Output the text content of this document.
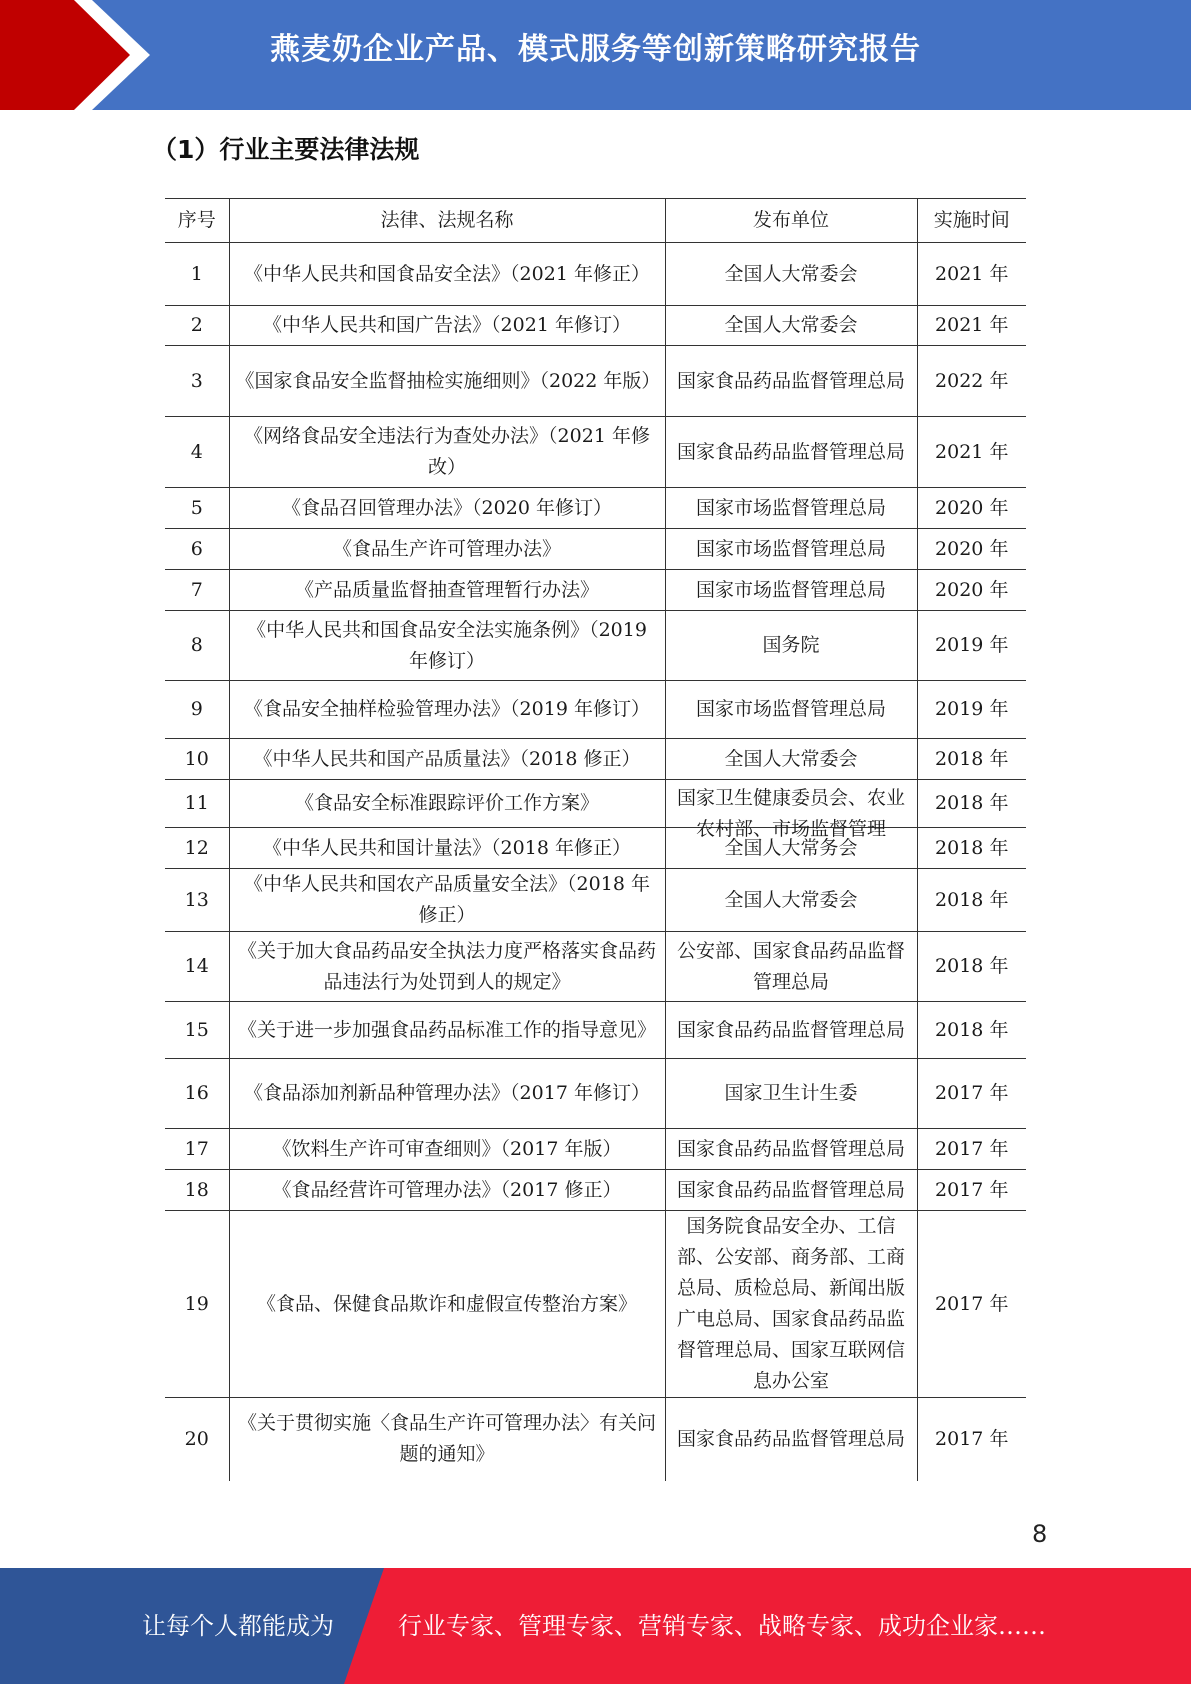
燕麦奶企业产品、模式服务等创新策略研究报告
（1）行业主要法律法规
序号	法律、法规名称	发布单位	实施时间
1	《中华人民共和国食品安全法》（2021 年修正）	全国人大常委会	2021 年
2	《中华人民共和国广告法》（2021 年修订）	全国人大常委会	2021 年
3	《国家食品安全监督抽检实施细则》（2022 年版）	国家食品药品监督管理总局	2022 年
4	《网络食品安全违法行为查处办法》（2021 年修改）	国家食品药品监督管理总局	2021 年
5	《食品召回管理办法》（2020 年修订）	国家市场监督管理总局	2020 年
6	《食品生产许可管理办法》	国家市场监督管理总局	2020 年
7	《产品质量监督抽查管理暂行办法》	国家市场监督管理总局	2020 年
8	《中华人民共和国食品安全法实施条例》（2019 年修订）	国务院	2019 年
9	《食品安全抽样检验管理办法》（2019 年修订）	国家市场监督管理总局	2019 年
10	《中华人民共和国产品质量法》（2018 修正）	全国人大常委会	2018 年
11	《食品安全标准跟踪评价工作方案》	国家卫生健康委员会、农业农村部、市场监督管理	2018 年
12	《中华人民共和国计量法》（2018 年修正）	全国人大常务会	2018 年
13	《中华人民共和国农产品质量安全法》（2018 年修正）	全国人大常委会	2018 年
14	《关于加大食品药品安全执法力度严格落实食品药品违法行为处罚到人的规定》	公安部、国家食品药品监督管理总局	2018 年
15	《关于进一步加强食品药品标准工作的指导意见》	国家食品药品监督管理总局	2018 年
16	《食品添加剂新品种管理办法》（2017 年修订）	国家卫生计生委	2017 年
17	《饮料生产许可审查细则》（2017 年版）	国家食品药品监督管理总局	2017 年
18	《食品经营许可管理办法》（2017 修正）	国家食品药品监督管理总局	2017 年
19	《食品、保健食品欺诈和虚假宣传整治方案》	国务院食品安全办、工信部、公安部、商务部、工商总局、质检总局、新闻出版广电总局、国家食品药品监督管理总局、国家互联网信息办公室	2017 年
20	《关于贯彻实施〈食品生产许可管理办法〉有关问题的通知》	国家食品药品监督管理总局	2017 年
8
让每个人都能成为	行业专家、管理专家、营销专家、战略专家、成功企业家……
